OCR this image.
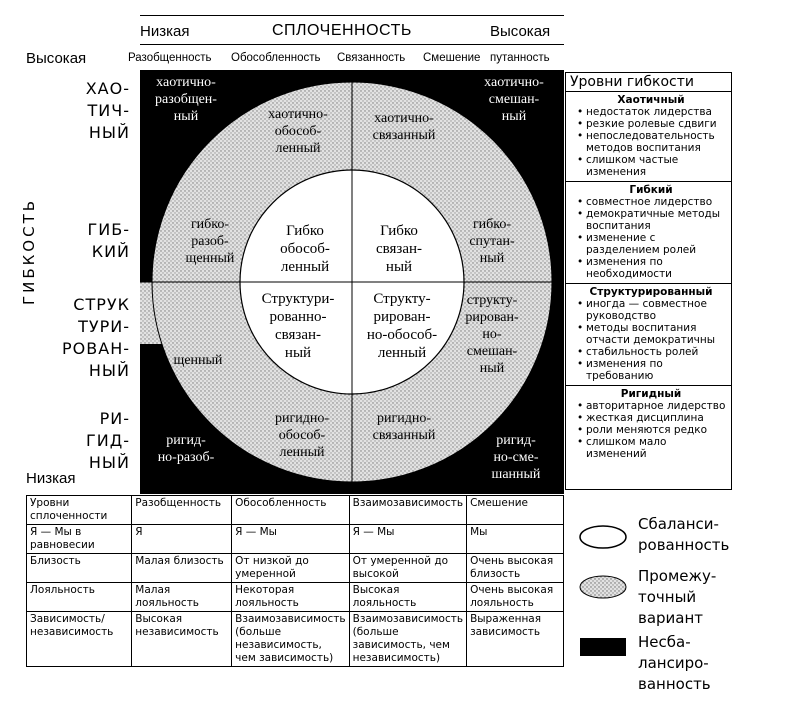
Низкая	СПЛОЧЕННОСТЬ	Высокая
Высокая	Разобщенность Обособленность Связанность Смешение путанность
ГИБКОСТЬ
ХАО-
ТИЧ-
НЫЙ
ГИБ-
КИЙ
СТРУК
ТУРИ-
РОВАН-
НЫЙ
РИ-
ГИД-
НЫЙ
Низкая
хаотично-
разобщен-
ный
хаотично-
смешан-
ный
гибко-
разоб-
щенный
гибко-
спутан-
ный
щенный
структу-
рирован-
но-
смешан-
ный
ригид-
но-разоб-
ригид-
но-сме-
шанный
хаотично-
обособ-
ленный
хаотично-
связанный
ригидно-
обособ-
ленный
ригидно-
связанный
Гибко
обособ-
ленный
Гибко
связан-
ный
Структури-
рованно-
связан-
ный
Структу-
рирован-
но-обособ-
ленный
Уровни гибкости
Хаотичный
• недостаток лидерства
• резкие ролевые сдвиги
• непоследовательность методов воспитания
• слишком частые изменения
Гибкий
• совместное лидерство
• демократичные методы воспитания
• изменение с разделением ролей
• изменения по необходимости
Структурированный
• иногда — совместное руководство
• методы воспитания отчасти демократичны
• стабильность ролей
• изменения по требованию
Ригидный
• авторитарное лидерство
• жесткая дисциплина
• роли меняются редко
• слишком мало изменений
Уровни сплоченности	Разобщенность	Обособленность	Взаимозависимость	Смешение
Я — Мы в равновесии	Я	Я — Мы	Я — Мы	Мы
Близость	Малая близость	От низкой до умеренной	От умеренной до высокой	Очень высокая близость
Лояльность	Малая лояльность	Некоторая лояльность	Высокая лояльность	Очень высокая лояльность
Зависимость/ независимость	Высокая независимость	Взаимозависимость (больше независимость, чем зависимость)	Взаимозависимость (больше зависимость, чем независимость)	Выраженная зависимость
Сбаланси-
рованность
Промежу-
точный
вариант
Несба-
лансиро-
ванность
